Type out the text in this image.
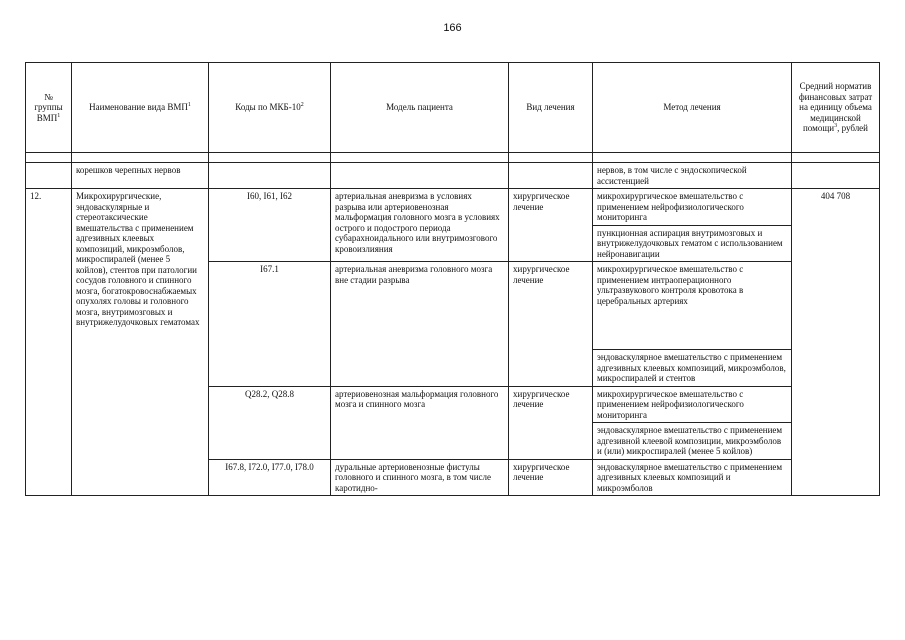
166
№ группы ВМП$^1$	Наименование вида ВМП$^1$	Коды по МКБ-$10^2$	Модель пациента	Вид лечения	Метод лечения	Средний норматив финансовых затрат на единицу объема медицинской помощи$^3$, рублей

	корешков черепных нервов				нервов, в том числе с эндоскопической ассистенцией	
12.	Микрохирургические, эндоваскулярные и стереотаксические вмешательства с применением адгезивных клеевых композиций, микроэмболов, микроспиралей (менее 5 койлов), стентов при патологии сосудов головного и спинного мозга, богатокровоснабжаемых опухолях головы и головного мозга, внутримозговых и внутрижелудочковых гематомах	I60, I61, I62	артериальная аневризма в условиях разрыва или артериовенозная мальформация головного мозга в условиях острого и подострого периода субарахноидального или внутримозгового кровоизлияния	хирургическое лечение	микрохирургическое вмешательство с применением нейрофизиологического мониторинга	404 708
					пункционная аспирация внутримозговых и внутрижелудочковых гематом с использованием нейронавигации	
		I67.1	артериальная аневризма головного мозга вне стадии разрыва	хирургическое лечение	микрохирургическое вмешательство с применением интраоперационного ультразвукового контроля кровотока в церебральных артериях	
					эндоваскулярное вмешательство с применением адгезивных клеевых композиций, микроэмболов, микроспиралей и стентов	
		Q28.2, Q28.8	артериовенозная мальформация головного мозга и спинного мозга	хирургическое лечение	микрохирургическое вмешательство с применением нейрофизиологического мониторинга	
					эндоваскулярное вмешательство с применением адгезивной клеевой композиции, микроэмболов и (или) микроспиралей (менее 5 койлов)	
		I67.8, I72.0, I77.0, I78.0	дуральные артериовенозные фистулы головного и спинного мозга, в том числе каротидно-	хирургическое лечение	эндоваскулярное вмешательство с применением адгезивных клеевых композиций и микроэмболов	
